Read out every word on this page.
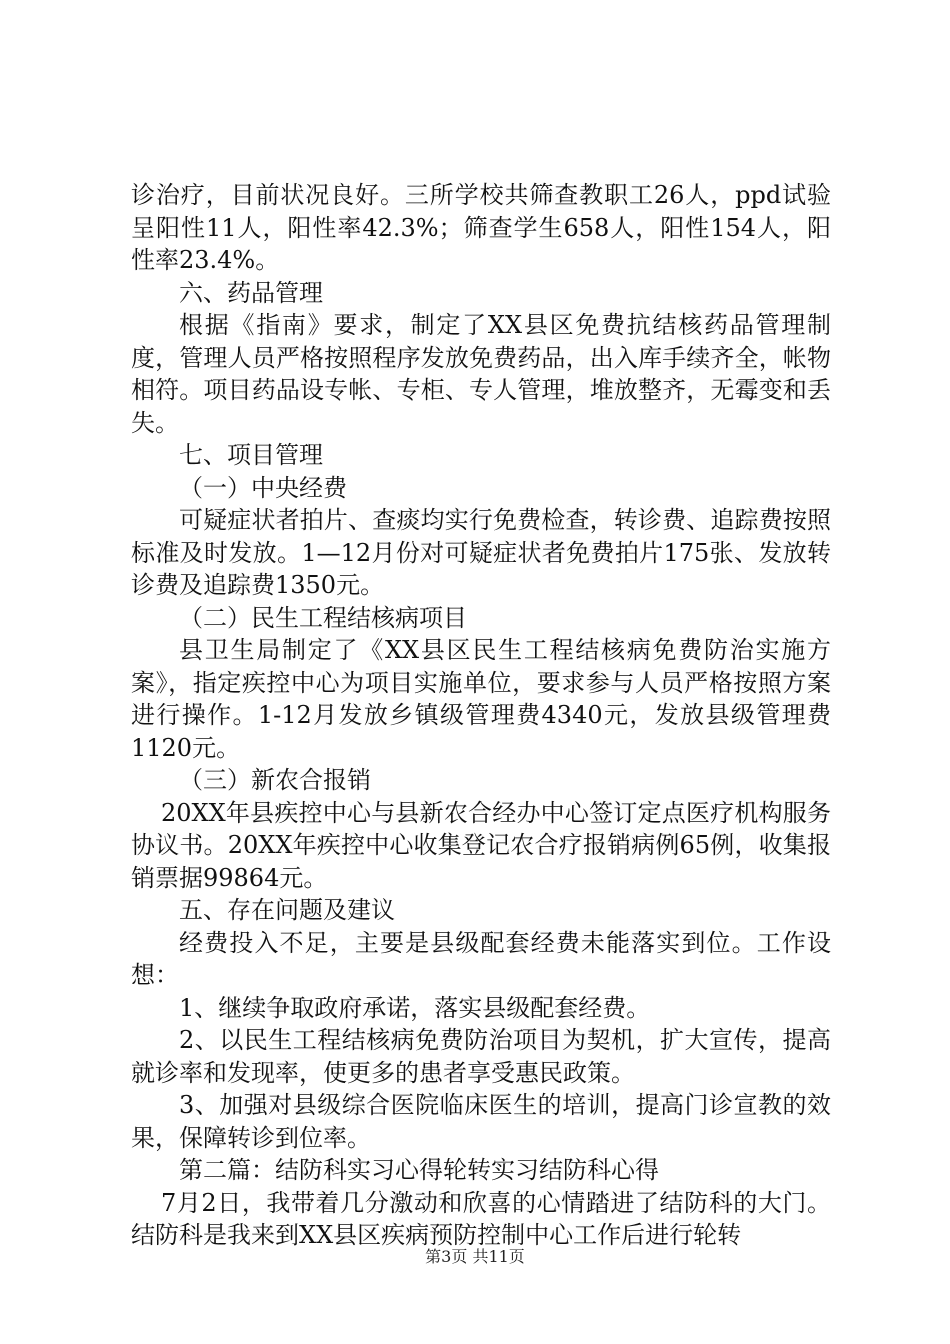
诊治疗，目前状况良好。三所学校共筛查教职工26人，ppd试验呈阳性11人，阳性率42.3%；筛查学生658人，阳性154人，阳性率23.4%。

六、药品管理

根据《指南》要求，制定了XX县区免费抗结核药品管理制度，管理人员严格按照程序发放免费药品，出入库手续齐全，帐物相符。项目药品设专帐、专柜、专人管理，堆放整齐，无霉变和丢失。

七、项目管理

（一）中央经费

可疑症状者拍片、查痰均实行免费检查，转诊费、追踪费按照标准及时发放。1—12月份对可疑症状者免费拍片175张、发放转诊费及追踪费1350元。

（二）民生工程结核病项目

县卫生局制定了《XX县区民生工程结核病免费防治实施方案》，指定疾控中心为项目实施单位，要求参与人员严格按照方案进行操作。1-12月发放乡镇级管理费4340元，发放县级管理费1120元。

（三）新农合报销

20XX年县疾控中心与县新农合经办中心签订定点医疗机构服务协议书。20XX年疾控中心收集登记农合疗报销病例65例，收集报销票据99864元。

五、存在问题及建议

经费投入不足，主要是县级配套经费未能落实到位。工作设想：

1、继续争取政府承诺，落实县级配套经费。

2、以民生工程结核病免费防治项目为契机，扩大宣传，提高就诊率和发现率，使更多的患者享受惠民政策。

3、加强对县级综合医院临床医生的培训，提高门诊宣教的效果，保障转诊到位率。

第二篇：结防科实习心得轮转实习结防科心得

7月2日，我带着几分激动和欣喜的心情踏进了结防科的大门。结防科是我来到XX县区疾病预防控制中心工作后进行轮转

第3页 共11页
